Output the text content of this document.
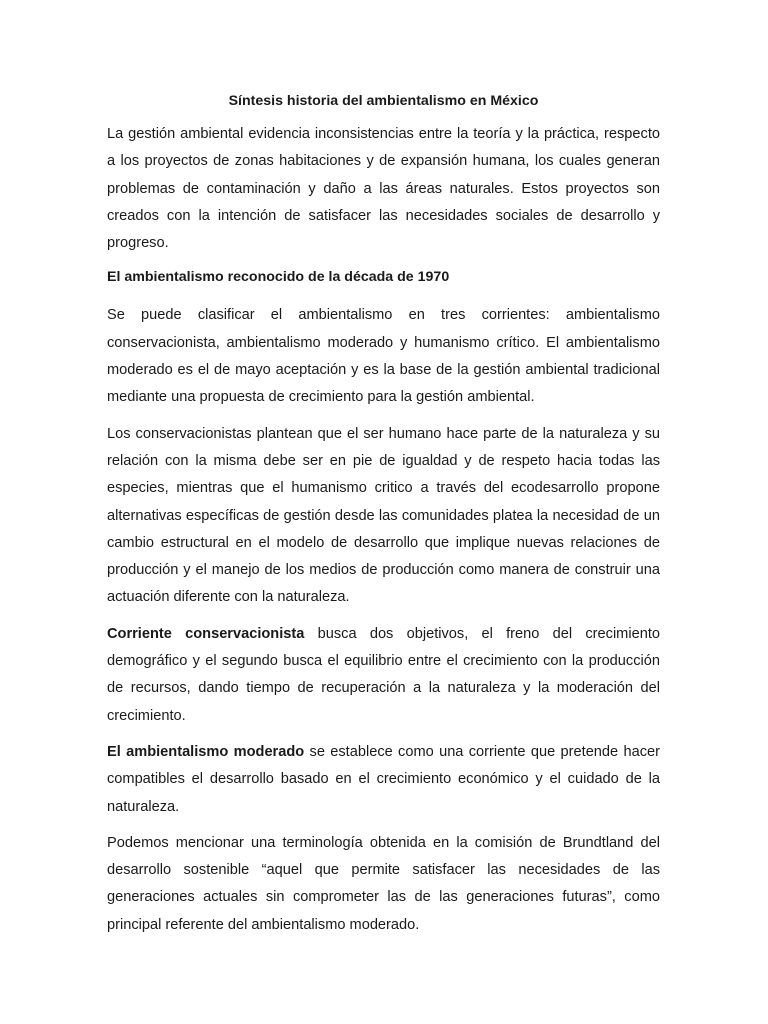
Síntesis historia del ambientalismo en México

La gestión ambiental evidencia inconsistencias entre la teoría y la práctica, respecto a los proyectos de zonas habitaciones y de expansión humana, los cuales generan problemas de contaminación y daño a las áreas naturales. Estos proyectos son creados con la intención de satisfacer las necesidades sociales de desarrollo y progreso.

El ambientalismo reconocido de la década de 1970

Se puede clasificar el ambientalismo en tres corrientes: ambientalismo conservacionista, ambientalismo moderado y humanismo crítico. El ambientalismo moderado es el de mayo aceptación y es la base de la gestión ambiental tradicional mediante una propuesta de crecimiento para la gestión ambiental.

Los conservacionistas plantean que el ser humano hace parte de la naturaleza y su relación con la misma debe ser en pie de igualdad y de respeto hacia todas las especies, mientras que el humanismo critico a través del ecodesarrollo propone alternativas específicas de gestión desde las comunidades platea la necesidad de un cambio estructural en el modelo de desarrollo que implique nuevas relaciones de producción y el manejo de los medios de producción como manera de construir una actuación diferente con la naturaleza.

Corriente conservacionista busca dos objetivos, el freno del crecimiento demográfico y el segundo busca el equilibrio entre el crecimiento con la producción de recursos, dando tiempo de recuperación a la naturaleza y la moderación del crecimiento.

El ambientalismo moderado se establece como una corriente que pretende hacer compatibles el desarrollo basado en el crecimiento económico y el cuidado de la naturaleza.

Podemos mencionar una terminología obtenida en la comisión de Brundtland del desarrollo sostenible “aquel que permite satisfacer las necesidades de las generaciones actuales sin comprometer las de las generaciones futuras”, como principal referente del ambientalismo moderado.
